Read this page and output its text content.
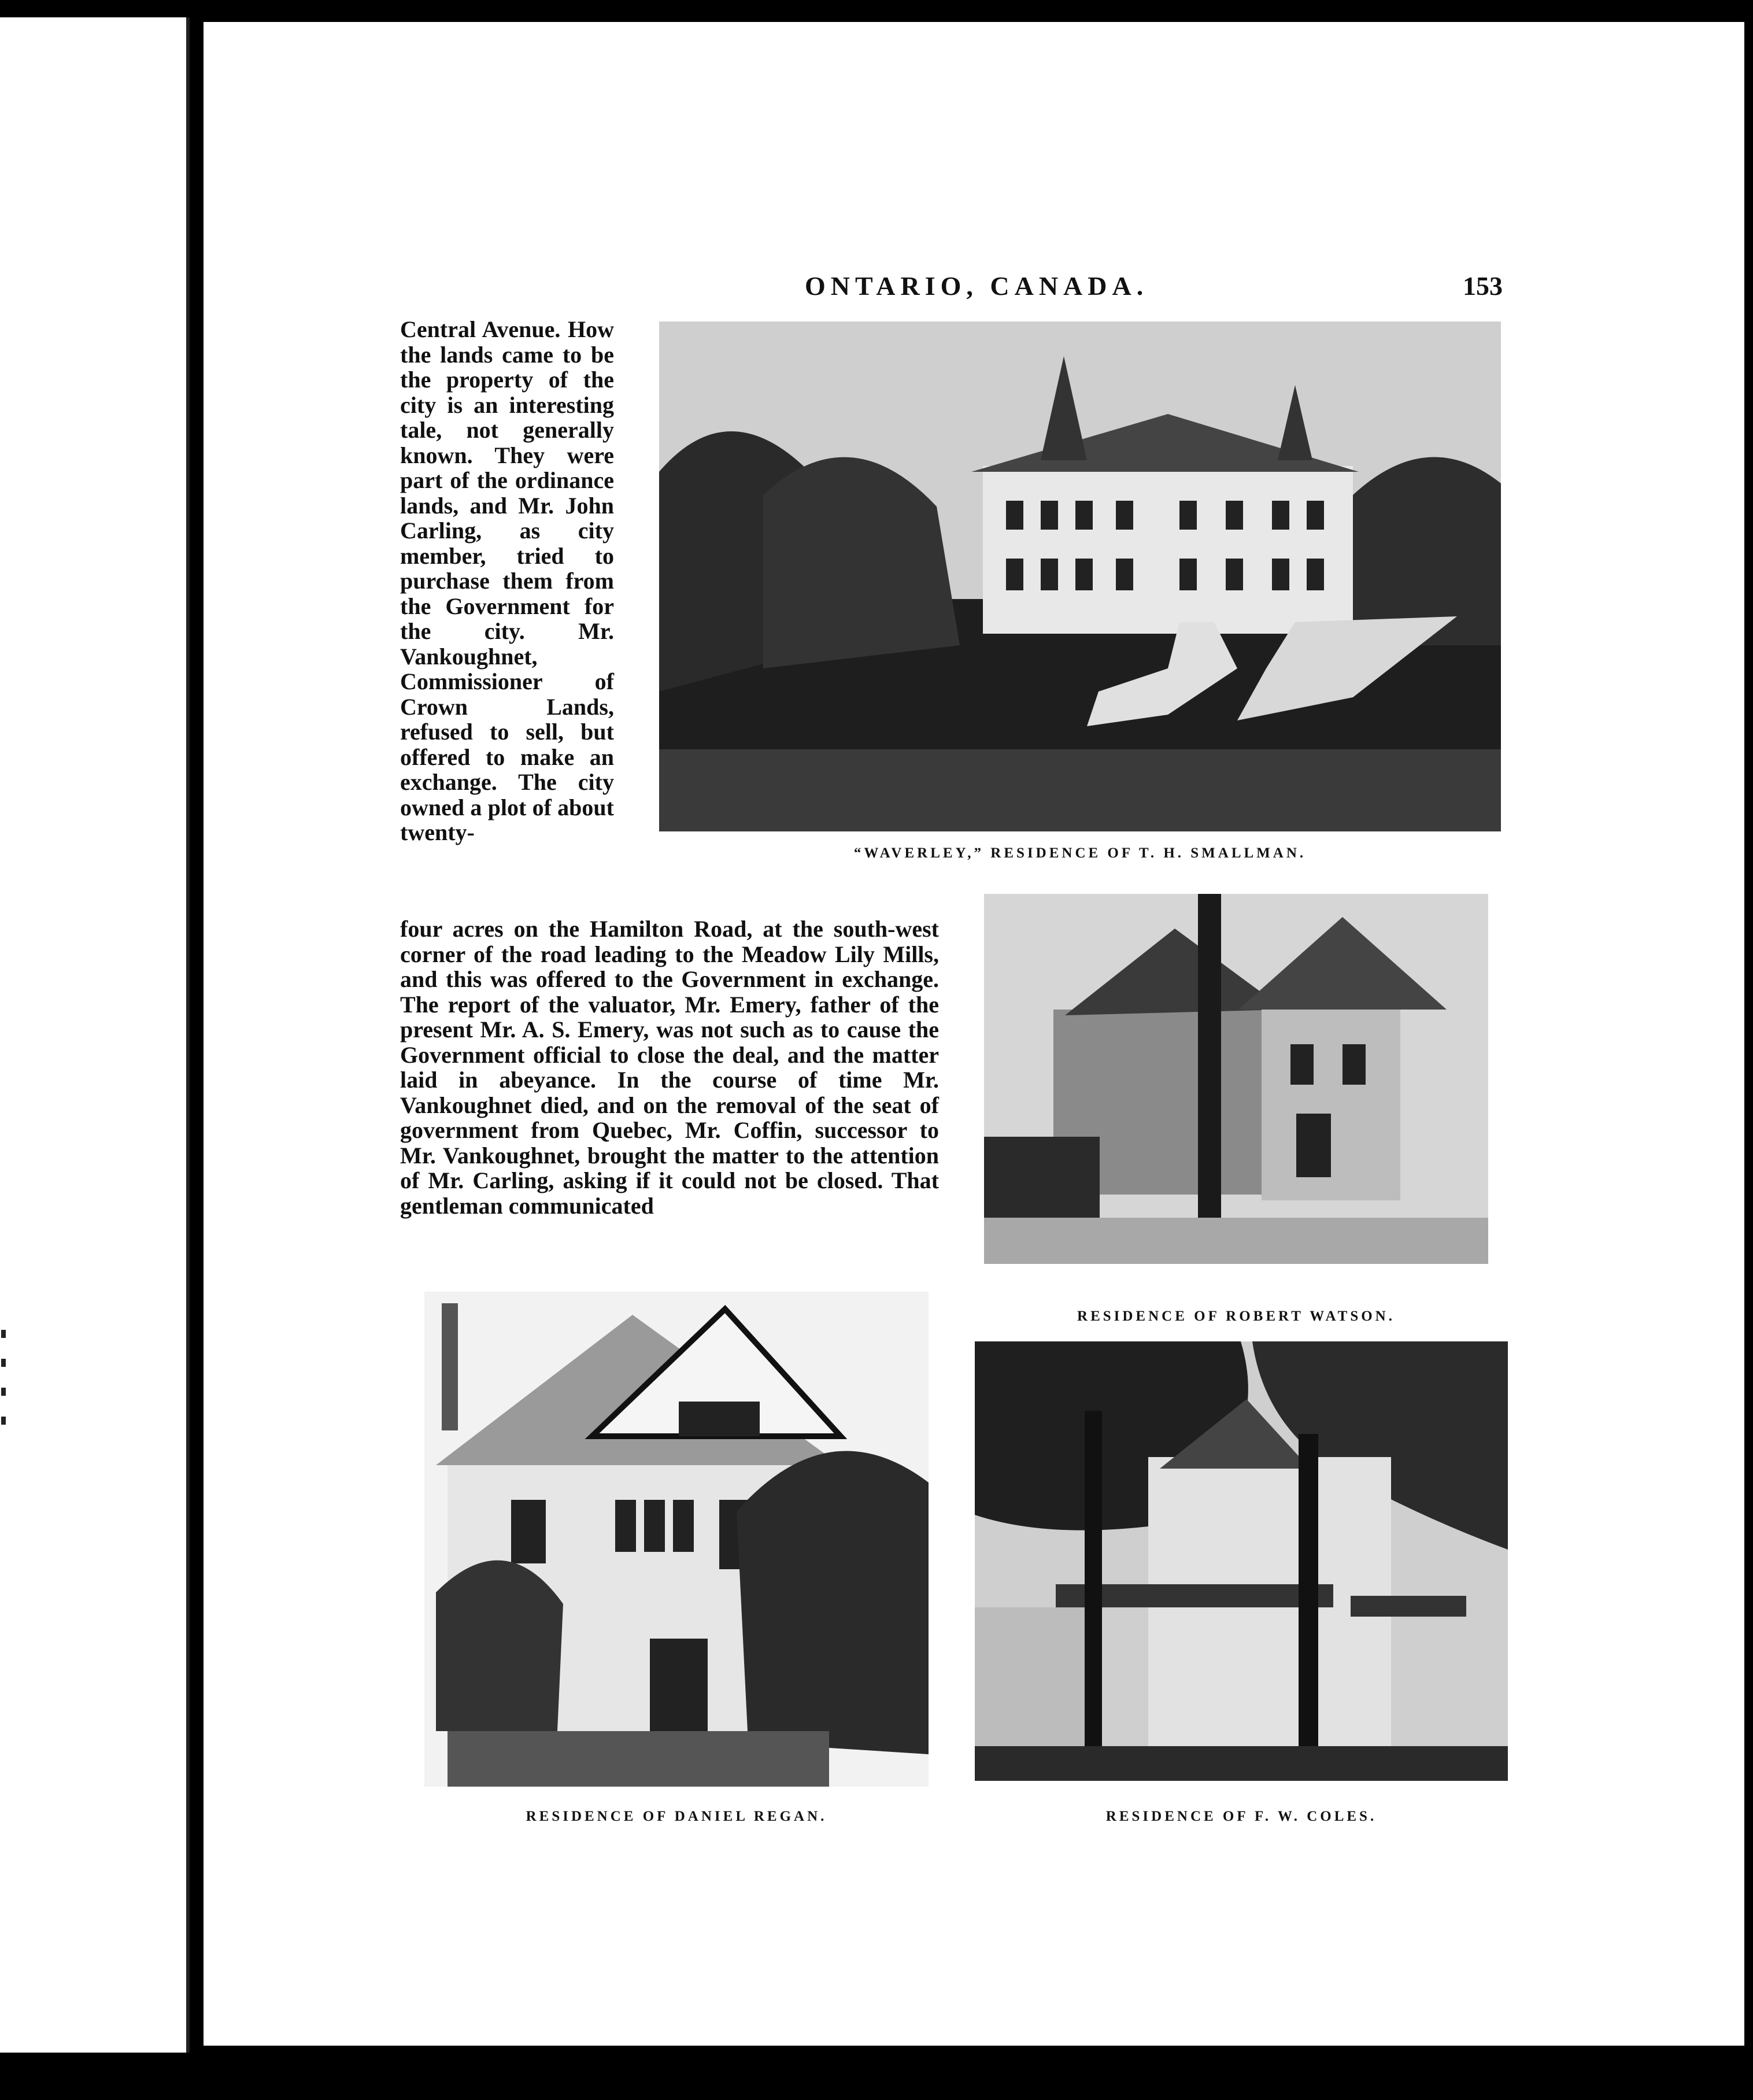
ONTARIO, CANADA.	153
Central Avenue. How the lands came to be the property of the city is an interesting tale, not generally known. They were part of the ordinance lands, and Mr. John Carling, as city member, tried to purchase them from the Government for the city. Mr. Vankoughnet, Commissioner of Crown Lands, refused to sell, but offered to make an exchange. The city owned a plot of about twenty-
four acres on the Hamilton Road, at the south-west corner of the road leading to the Meadow Lily Mills, and this was offered to the Government in exchange. The report of the valuator, Mr. Emery, father of the present Mr. A. S. Emery, was not such as to cause the Government official to close the deal, and the matter laid in abeyance. In the course of time Mr. Vankoughnet died, and on the removal of the seat of government from Quebec, Mr. Coffin, successor to Mr. Vankoughnet, brought the matter to the attention of Mr. Carling, asking if it could not be closed. That gentleman communicated
“WAVERLEY,” RESIDENCE OF T. H. SMALLMAN.
RESIDENCE OF ROBERT WATSON.
RESIDENCE OF DANIEL REGAN.	RESIDENCE OF F. W. COLES.
